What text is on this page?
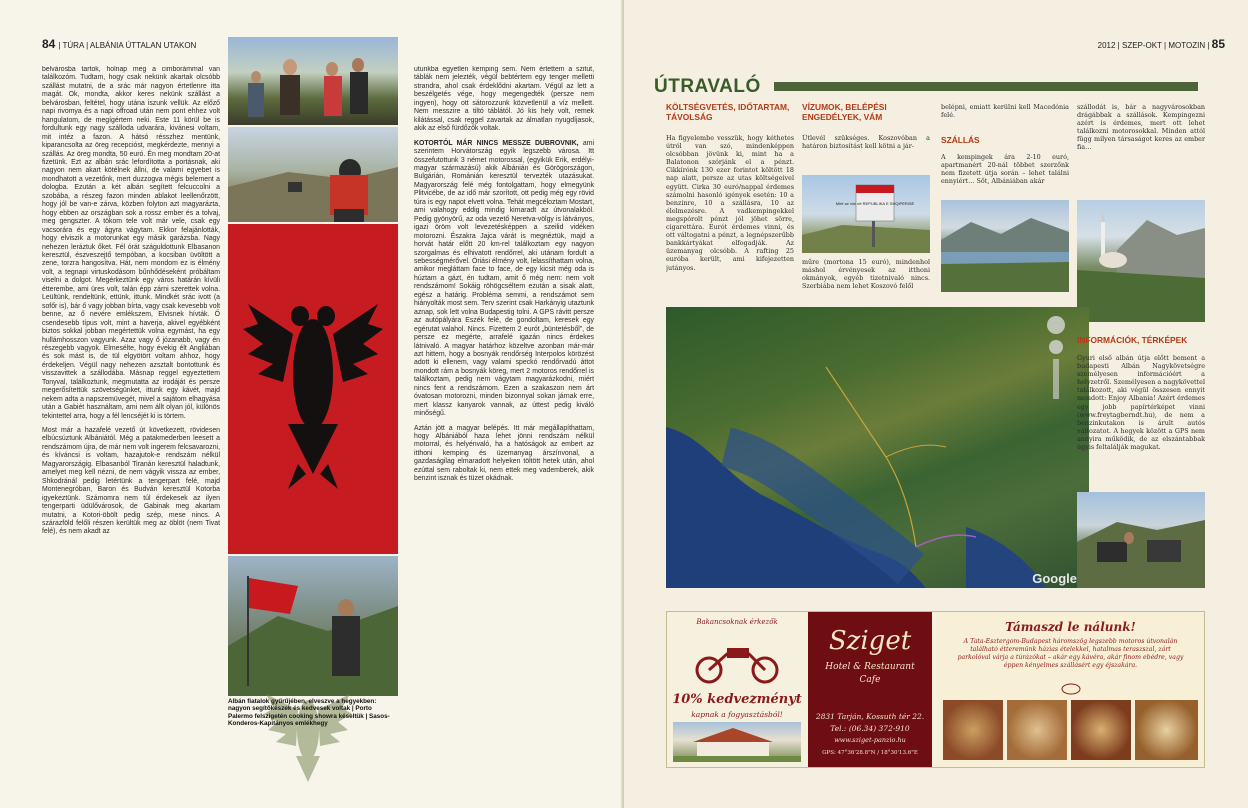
84 | TÚRA | ALBÁNIA ÚTTALAN UTAKON

belvárosba tartok, holnap meg a cimborámmal van találkozóm. Tudtam, hogy csak nekünk akartak olcsóbb szállást mutatni, de a srác már nagyon értetlenre itta magát. Ok, mondta, akkor keres nekünk szállást a belvárosban, feltétel, hogy utána iszunk vellük. Az előző napi rivomya és a napi offroad után nem pont ehhez volt hangulatom, de megígértem neki. Este 11 körül be is fordultunk egy nagy szálloda udvarára, kivánesi voltam, mit intéz a fazon. A hátsó résszhez mentünk, kiparancsolta az öreg recepcióst, megkérdezte, mennyi a szállás. Az öreg mondta, 50 euró. Én meg mondtam 20-at fizetünk. Ezt az albán srác lefordította a portásnak, aki nagyon nem akart kötélnek állni, de valami egyebet is mondhatott a vezetőnk, mert duzzogva mégis belement a dologba. Ezután a két albán segített felcuccolni a szobába, a részeg fazon minden ablakot leellenőrzött, hogy jól be van-e zárva, közben folyton azt magyarázta, hogy ebben az országban sok a rossz ember és a tolvaj, meg gengszter. A tökom tele volt már vele, csak egy vacsorára és egy ágyra vágytam. Ekkor felajánlották, hogy elviszik a motorunkat egy másik garázsba. Nagy nehezen leráztuk őket. Fél órát száguldottunk Elbasanon keresztül, észveszejtő tempóban, a kocsiban üvöltött a zene, torzra hangosítva. Hát, nem mondom ez is élmény volt, a tegnapi virtuskodásom bűnhődéseként próbáltam viselni a dolgot. Megérkeztünk egy város határán kívüli étterembe, ami üres volt, talán épp zárni szerettek volna. Leültünk, rendeltünk, ettünk, ittunk. Mindkét srác ivott (a sofőr is), bár ő vagy jobban bírta, vagy csak kevesebb volt benne, az ő nevére emlékszem, Elvisnek hívták. Ő csendesebb típus volt, mint a haverja, akivel egyébként biztos sokkal jobban megértettük volna egymást, ha egy hullámhosszon vagyunk. Azaz vagy ő józanabb, vagy én részegebb vagyok. Elmesélte, hogy évekig élt Angliában és sok mást is, de tül elgyötört voltam ahhoz, hogy érdekeljen. Végül nagy nehezen azsztalt bontottunk és visszavittek a szállodába. Másnap reggel egyeztettem Tonyval, találkoztunk, megmutatta az irodáját és persze megerősítettük szövetségünket, ittunk egy kávét, majd nekem adta a napszemüvegét, mivel a sajátom elhagyása után a Gabiét használtam, ami nem állt olyan jól, különös tekintettel arra, hogy a fél lencséjét ki is törtem.

Most már a hazafelé vezető út következett, rövidesen elbúcsúztunk Albániától. Még a patakmederben leesett a rendszámom újra, de már nem volt ingerem felcsavarozni, és kíváncsi is voltam, hazajutok-e rendszám nélkül Magyarországig. Elbasanból Tiranán keresztül haladtunk, amelyet meg kell nézni, de nem vágyik vissza az ember, Shkodránál pedig letértünk a tengerpart felé, majd Montenegróban, Baron és Budván keresztül Kotorba igyekeztünk. Számomra nem túl érdekesek az ilyen tengerparti üdülővárosok, de Gabinak meg akartam mutatni, a Kotori-öbölt pedig szép, mese nincs. A szárazföld felőli részen kerültük meg az öblöt (nem Tivat felé), és nem akadt az

Albán fiatalok gyűrűjében, elveszve a hegyekben: nagyon segítőkészek és kedvesek voltak | Porto Palermo felszigetén cooking showra késeltük | Sasos-Konderos-Kapitányos emlékhegy

utunkba egyetlen kemping sem. Nem értettem a szitut, táblák nem jelezték, végül bebtértem egy tenger melletti strandra, ahol csak érdeklődni akartam. Végül az lett a beszélgetés vége, hogy megengedték (persze nem ingyen), hogy ott sátorozzunk közvetlenül a víz mellett. Nem messzire a tiltó táblától. Jó kis hely volt, remek kilátással, csak reggel zavartak az álmatlan nyugdíjasok, akik az első fürdőzők voltak.

KOTORTÓL MÁR NINCS MESSZE DUBROVNIK, ami szerintem Horvátország egyik legszebb városa. Itt összefutottunk 3 német motorossal, (egyikük Erik, erdélyi-magyar származású) akik Albánián és Görögországon, Bulgárián, Románián keresztül tervezték utazásukat. Magyarország felé még fontolgattam, hogy elmegyünk Plitvicébe, de az idő már szorított, ott pedig még egy rövid túra is egy napot elvett volna. Tehát megcéloztam Mostart, ami valahogy eddig mindig kimaradt az útvonalakból. Pedig gyönyörű, az oda vezető Neretva-völgy is látványos, igazi öröm volt levezetésképpen a szeilid vidéken motorozni. Északra Jajca várát is megnéztük, majd a horvát határ előtt 20 km-rel találkoztam egy nagyon szorgalmas és elhivatott rendőrrel, aki utánam fordult a sebességmérővel. Óriási élmény volt, lelassíthattam volna, amikor megláttam face to face, de egy kicsit még oda is húztam a gázt, én tudtam, amit ő még nem: nem volt rendszámom! Sokáig röhögcséltem ezután a sisak alatt, egész a határig. Probléma semmi, a rendszámot sem hiányolták most sem. Terv szerint csak Harkányig utaztunk aznap, sok lett volna Budapestig tolni. A GPS rávitt persze az autópályára Eszék felé, de gondoltam, keresek egy egérutat valahol. Nincs. Fizettem 2 eurót „büntetésből”, de persze ez megérte, arrafelé igazán nincs érdekes látnivaló. A magyar határhoz közeltve azonban már-már azt hittem, hogy a bosnyák rendőrség Interpolos körözést adott ki ellenem, vagy valami speckó rendőrvadú áttot mondott rám a bosnyák köreg, mert 2 motoros rendőrrel is találkoztam, pedig nem vágytam magyarázkodni, miért nincs fent a rendszámom. Ezen a szakaszon nem árt óvatosan motorozni, minden bizonnyal sokan járnak erre, mert klassz kanyarok vannak, az úttest pedig kiváló minőségű.

Aztán jött a magyar belépés. Itt már megállapíthattam, hogy Albániából haza lehet jönni rendszám nélkül motorral, és helyénvaló, ha a hatóságok az embert az itthoni kemping és üzemanyag árszínvonal, a gazdaságilag elmaradott helyeken töltött hetek után, ahol ezúttal sem raboltak ki, nem ettek meg vademberek, akik benzint isznak és tüzet okádnak.

2012 | SZEP-OKT | MOTOZIN | 85
ÚTRAVALÓ
KÖLTSÉGVETÉS, IDŐTARTAM, TÁVOLSÁG
Ha figyelembe vesszük, hogy kéthetes útról van szó, mindenképpen olcsóbban jövünk ki, mint ha a Balatonon szórjánk el a pénzt. Cikkírónk 130 ezer forintot költött 18 nap alatt, persze az utas költségeivel együtt. Cirka 30 euró/nappal érdemes számolni hasonló igények esetén: 10 a benzinre, 10 a szállásra, 10 az élelmezésre. A vadkempingekkel megspórolt pénzt jól jöhet sörre, cigarettára. Eurót érdemes vinni, és ott váltogatni a pénzt, a legnépszerűbb bankkártyákat elfogadják. Az üzemanyag olcsóbb. A rafting 25 euróba került, ami kifejezetten jutányos.
VÍZUMOK, BELÉPÉSI ENGEDÉLYEK, VÁM
Útlevél szükséges. Koszovóban a határon biztosítást kell kötni a jár-
Mirë se vini në REPUBLIKA E SHQIPËRISË
műre (mortona 15 euró), mindenhol máshol érvényesek az itthoni okmányok, egyéb tizetnivaló nincs. Szerbiába nem lehet Koszovó felől
belépni, emiatt kerülni kell Macedónia felé.
SZÁLLÁS
A kempingek ára 2-10 euró, apartmanért 20-nál többet szerzőnk nem fizetett útja során – lehet találni ennyiért… Sőt, Albániában akár
szállodát is, bár a nagyvárosokban drágábbak a szállások. Kempingezni azért is érdemes, mert ott lehet találkozni motorosokkal. Minden attól függ milyen társaságot keres az ember fia…
Google
INFORMÁCIÓK, TÉRKÉPEK
Gyuri első albán útja előtt bement a budapesti Albán Nagykövetségre személyesen információért a helyzetről. Személyesen a nagykövettel találkozott, aki végül összesen ennyit mondott: Enjoy Albania! Azért érdemes egy jobb papírtérképet vinni (www.freytagberndt.hu), de nem a benzinkutakon is árult autós változatot. A hegyek között a GPS nem annyira működik, de az elszántabbak úgyis feltalálják magukat.
Bakancsoknak érkezők
10% kedvezményt
kapnak a fogyasztásból!
Sziget
Hotel & Restaurant
Cafe
2831 Tarján, Kossuth tér 22.
Tel.: (06.34) 372-910
www.sziget-panzio.hu
GPS: 47°36'28.8"N / 18°30'13.6"E
Támaszd le nálunk!
A Tata-Esztergom-Budapest háromszög legszebb motoros útvonalán található étteremünk házias ételekkel, hatalmas teraszszal, zárt parkolóval várja a túrázókat – akár egy kávéra, akár finom ebédre, vagy éppen kényelmes szállásért egy éjszakára.
